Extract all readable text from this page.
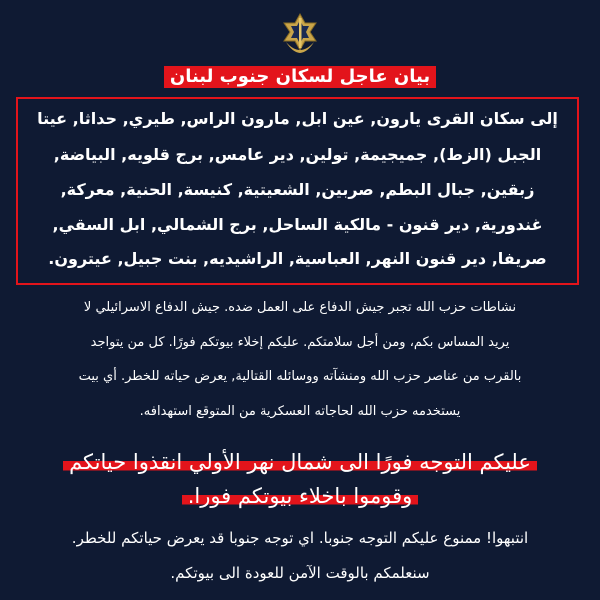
بيان عاجل لسكان جنوب لبنان
إلى سكان القرى يارون, عين ابل, مارون الراس, طيري, حداثا, عيتا
الجبل (الزط), جميجيمة, تولين, دير عامس, برج قلويه, البياضة,
زبقين, جبال البطم, صربين, الشعيتية, كنيسة, الحنية, معركة,
غندورية, دير قنون - مالكية الساحل, برج الشمالي, ابل السقي,
صريفا, دير قنون النهر, العباسية, الراشيديه, بنت جبيل, عيترون.
نشاطات حزب الله تجبر جيش الدفاع على العمل ضده. جيش الدفاع الاسرائيلي لا
يريد المساس بكم، ومن أجل سلامتكم. عليكم إخلاء بيوتكم فورًا. كل من يتواجد
بالقرب من عناصر حزب الله ومنشآته ووسائله القتالية, يعرض حياته للخطر. أي بيت
يستخدمه حزب الله لحاجاته العسكرية من المتوقع استهدافه.
عليكم التوجه فورًا الى شمال نهر الأولي انقذوا حياتكم
وقوموا باخلاء بيوتكم فورا.
انتبهوا! ممنوع عليكم التوجه جنوبا. اي توجه جنوبا قد يعرض حياتكم للخطر.
سنعلمكم بالوقت الآمن للعودة الى بيوتكم.
